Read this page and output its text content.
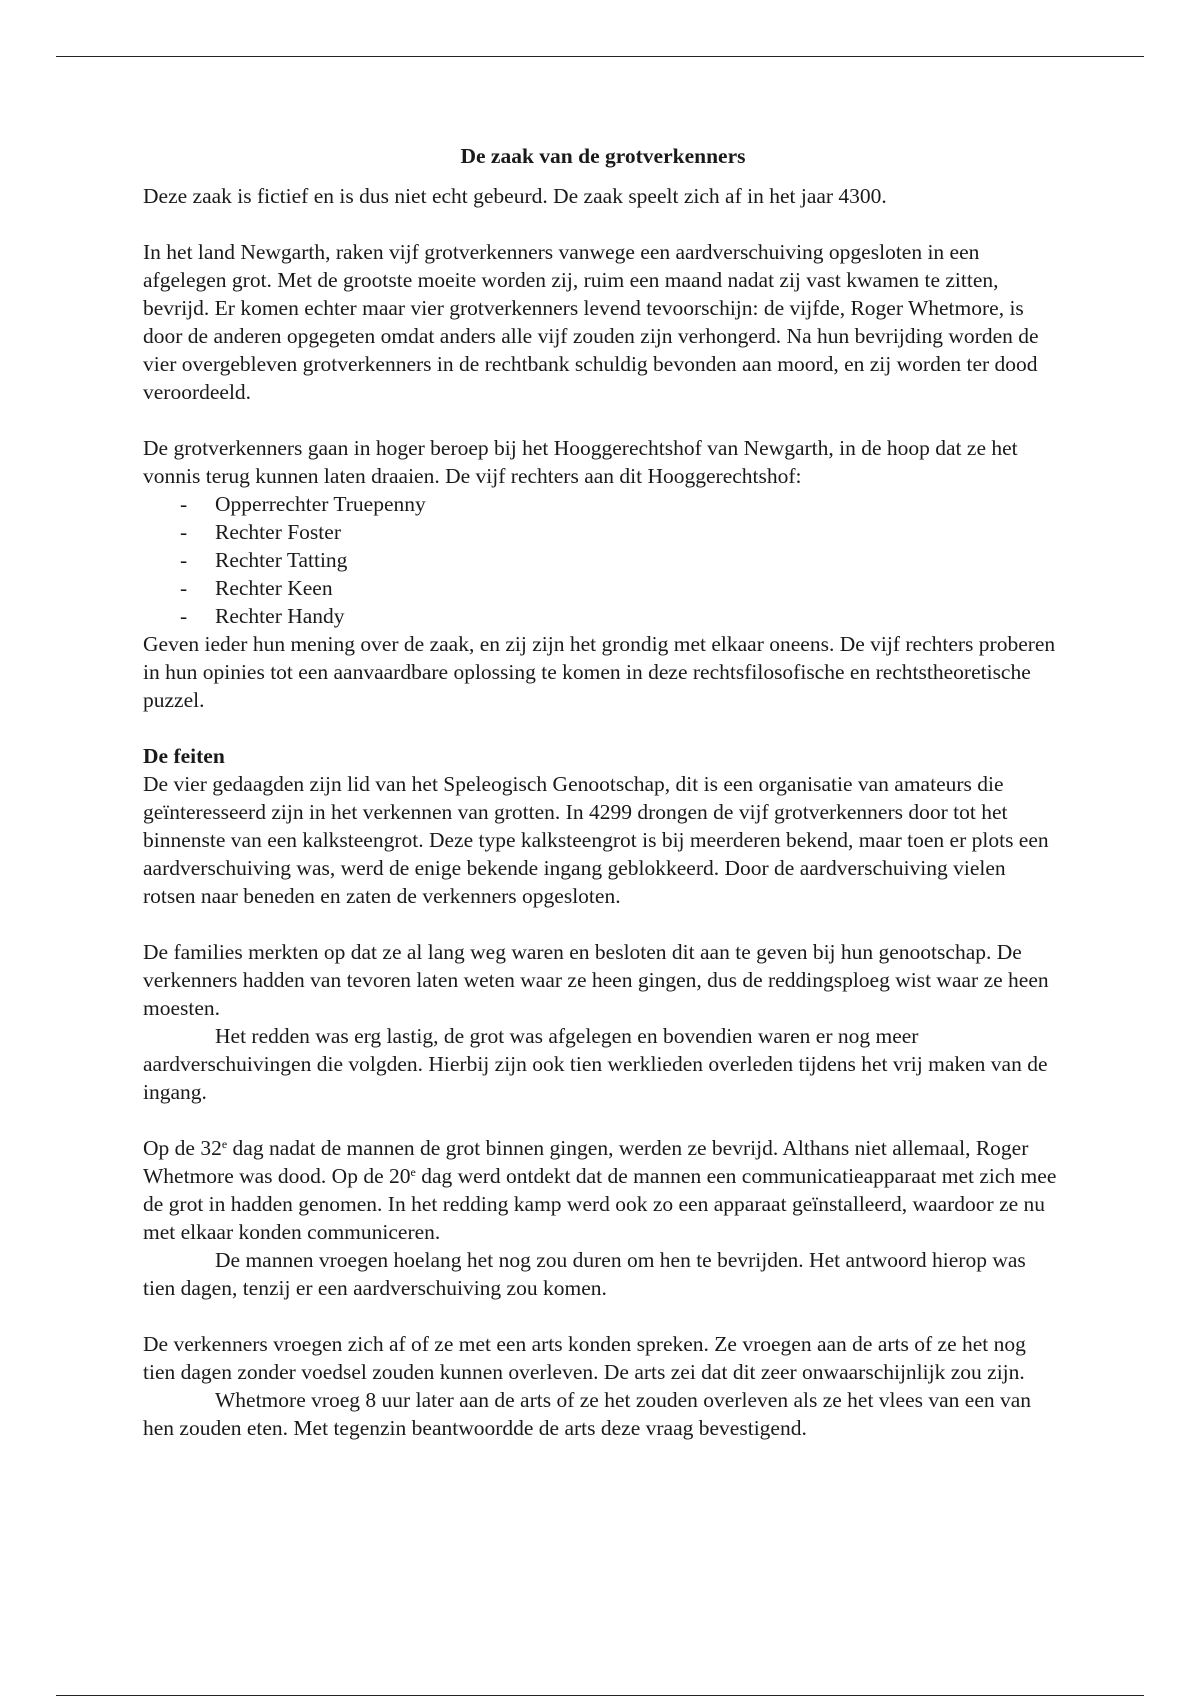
De zaak van de grotverkenners

Deze zaak is fictief en is dus niet echt gebeurd. De zaak speelt zich af in het jaar 4300.

In het land Newgarth, raken vijf grotverkenners vanwege een aardverschuiving opgesloten in een afgelegen grot. Met de grootste moeite worden zij, ruim een maand nadat zij vast kwamen te zitten, bevrijd. Er komen echter maar vier grotverkenners levend tevoorschijn: de vijfde, Roger Whetmore, is door de anderen opgegeten omdat anders alle vijf zouden zijn verhongerd. Na hun bevrijding worden de vier overgebleven grotverkenners in de rechtbank schuldig bevonden aan moord, en zij worden ter dood veroordeeld.

De grotverkenners gaan in hoger beroep bij het Hooggerechtshof van Newgarth, in de hoop dat ze het vonnis terug kunnen laten draaien. De vijf rechters aan dit Hooggerechtshof:

- Opperrechter Truepenny
- Rechter Foster
- Rechter Tatting
- Rechter Keen
- Rechter Handy

Geven ieder hun mening over de zaak, en zij zijn het grondig met elkaar oneens. De vijf rechters proberen in hun opinies tot een aanvaardbare oplossing te komen in deze rechtsfilosofische en rechtstheoretische puzzel.

De feiten

De vier gedaagden zijn lid van het Speleogisch Genootschap, dit is een organisatie van amateurs die geïnteresseerd zijn in het verkennen van grotten. In 4299 drongen de vijf grotverkenners door tot het binnenste van een kalksteengrot. Deze type kalksteengrot is bij meerderen bekend, maar toen er plots een aardverschuiving was, werd de enige bekende ingang geblokkeerd. Door de aardverschuiving vielen rotsen naar beneden en zaten de verkenners opgesloten.

De families merkten op dat ze al lang weg waren en besloten dit aan te geven bij hun genootschap. De verkenners hadden van tevoren laten weten waar ze heen gingen, dus de reddingsploeg wist waar ze heen moesten.

Het redden was erg lastig, de grot was afgelegen en bovendien waren er nog meer aardverschuivingen die volgden. Hierbij zijn ook tien werklieden overleden tijdens het vrij maken van de ingang.

Op de 32e dag nadat de mannen de grot binnen gingen, werden ze bevrijd. Althans niet allemaal, Roger Whetmore was dood. Op de 20e dag werd ontdekt dat de mannen een communicatieapparaat met zich mee de grot in hadden genomen. In het redding kamp werd ook zo een apparaat geïnstalleerd, waardoor ze nu met elkaar konden communiceren.

De mannen vroegen hoelang het nog zou duren om hen te bevrijden. Het antwoord hierop was tien dagen, tenzij er een aardverschuiving zou komen.

De verkenners vroegen zich af of ze met een arts konden spreken. Ze vroegen aan de arts of ze het nog tien dagen zonder voedsel zouden kunnen overleven. De arts zei dat dit zeer onwaarschijnlijk zou zijn.

Whetmore vroeg 8 uur later aan de arts of ze het zouden overleven als ze het vlees van een van hen zouden eten. Met tegenzin beantwoordde de arts deze vraag bevestigend.
